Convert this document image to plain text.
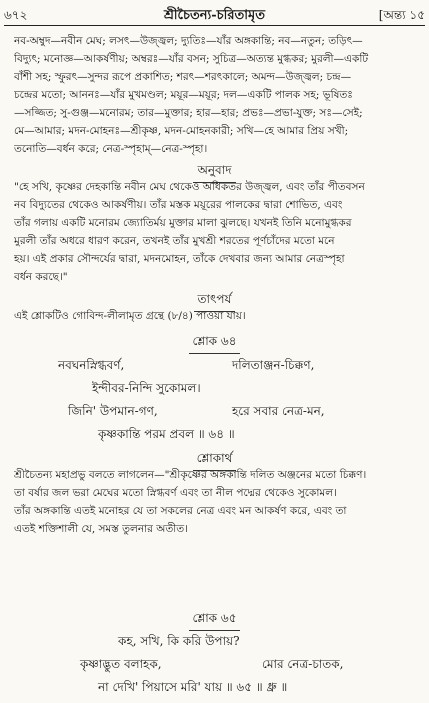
৬৭২	শ্রীচৈতন্য-চরিতামৃত	[অন্ত্য ১৫
নব-অম্বুদ—নবীন মেঘ; লসৎ—উজ্জ্বল; দ্যুতিঃ—যাঁর অঙ্গকান্তি; নব—নতুন; তড়িৎ—
বিদ্যুৎ; মনোজ্ঞ—আকর্ষণীয়; অম্বরঃ—যাঁর বসন; সুচিত্র—অত্যন্ত মুগ্ধকর; মুরলী—একটি
বাঁশী সহ; স্ফুরৎ—সুন্দর রূপে প্রকাশিত; শরৎ—শরৎকালে; অমন্দ—উজ্জ্বল; চন্দ্র—
চন্দ্রের মতো; আননঃ—যাঁর মুখমণ্ডল; ময়ূর—ময়ূর; দল—একটি পালক সহ; ভূষিতঃ
—সজ্জিত; সু-গুঞ্জ—মনোরম; তার—মুক্তার; হার—হার; প্রভঃ—প্রভা-যুক্ত; সঃ—সেই;
মে—আমার; মদন-মোহনঃ—শ্রীকৃষ্ণ, মদন-মোহনকারী; সখি—হে আমার প্রিয় সখী;
তনোতি—বর্ধন করে; নেত্র-স্পৃহাম্—নেত্র-স্পৃহা।
অনুবাদ
"হে সখি, কৃষ্ণের দেহকান্তি নবীন মেঘ থেকেও অধিকতর উজ্জ্বল, এবং তাঁর পীতবসন
নব বিদ্যুতের থেকেও আকর্ষণীয়। তাঁর মস্তক ময়ূরের পালকের দ্বারা শোভিত, এবং
তাঁর গলায় একটি মনোরম জ্যোতির্ময় মুক্তার মালা ঝুলছে। যখনই তিনি মনোমুগ্ধকর
মুরলী তাঁর অধরে ধারণ করেন, তখনই তাঁর মুখশ্রী শরতের পূর্ণচাঁদের মতো মনে
হয়। এই প্রকার সৌন্দর্যের দ্বারা, মদনমোহন, তাঁকে দেখবার জন্য আমার নেত্রস্পৃহা
বর্ধন করছে।"
তাৎপর্য
এই শ্লোকটিও গোবিন্দ-লীলামৃত গ্রন্থে (৮/৪) পাওয়া যায়।
শ্লোক ৬৪
নবঘনস্নিগ্ধবর্ণ,	দলিতাঞ্জন-চিক্কণ,
ইন্দীবর-নিন্দি সুকোমল।
জিনি' উপমান-গণ,	হরে সবার নেত্র-মন,
কৃষ্ণকান্তি পরম প্রবল ॥ ৬৪ ॥
শ্লোকার্থ
শ্রীচৈতন্য মহাপ্রভু বলতে লাগলেন—"শ্রীকৃষ্ণের অঙ্গকান্তি দলিত অঞ্জনের মতো চিক্কণ।
তা বর্ষার জল ভরা মেঘের মতো স্নিগ্ধবর্ণ এবং তা নীল পদ্মের থেকেও সুকোমল।
তাঁর অঙ্গকান্তি এতই মনোহর যে তা সকলের নেত্র এবং মন আকর্ষণ করে, এবং তা
এতই শক্তিশালী যে, সমস্ত তুলনার অতীত।
শ্লোক ৬৫
কহ, সখি, কি করি উপায়?
কৃষ্ণাদ্ভুত বলাহক,	মোর নেত্র-চাতক,
না দেখি' পিয়াসে মরি' যায় ॥ ৬৫ ॥ ধ্রু ॥
